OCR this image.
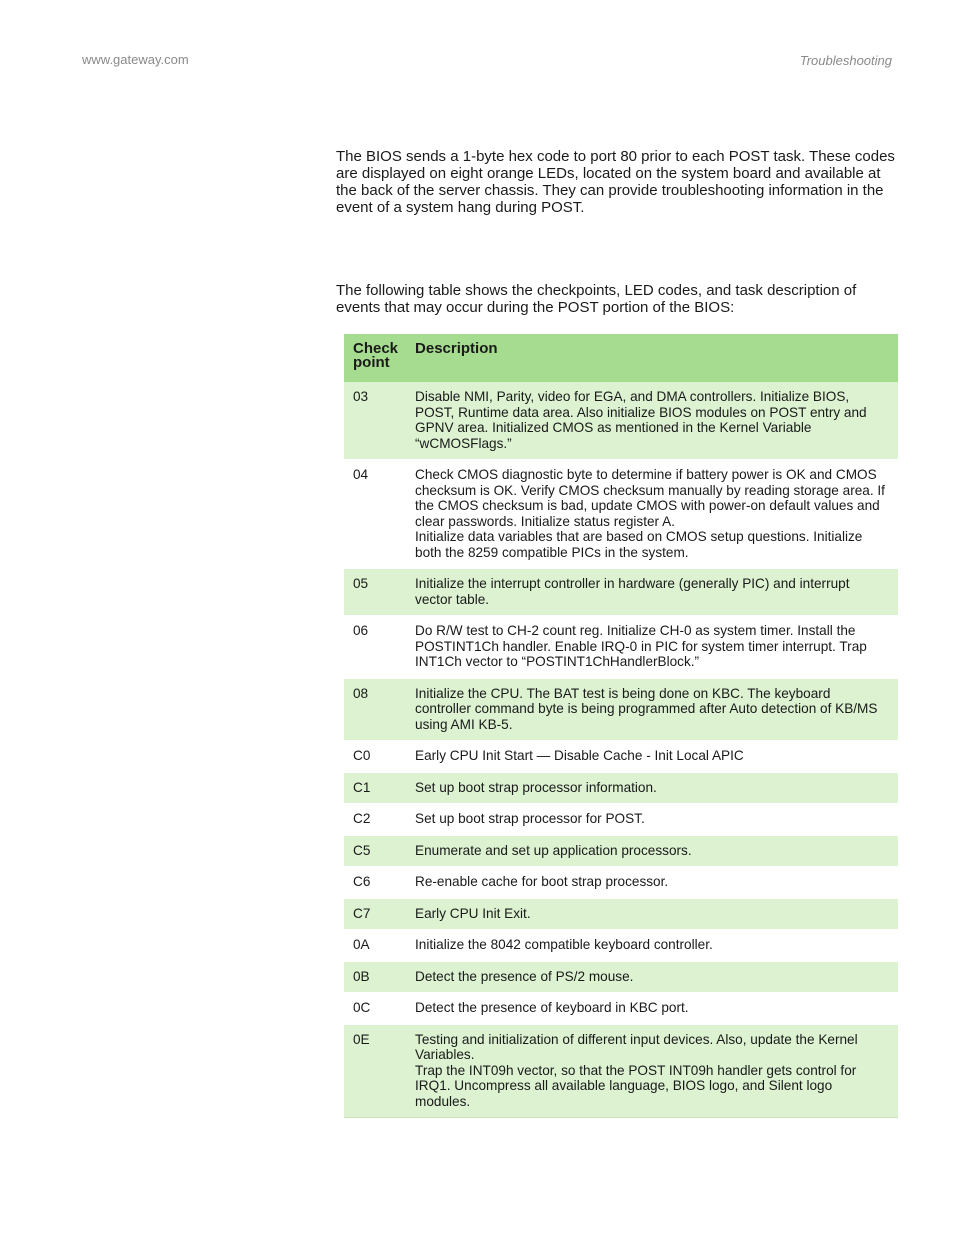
www.gateway.com	Troubleshooting

The BIOS sends a 1-byte hex code to port 80 prior to each POST task. These codes are displayed on eight orange LEDs, located on the system board and available at the back of the server chassis. They can provide troubleshooting information in the event of a system hang during POST.

The following table shows the checkpoints, LED codes, and task description of events that may occur during the POST portion of the BIOS:

Check
point	Description
03	Disable NMI, Parity, video for EGA, and DMA controllers. Initialize BIOS, POST, Runtime data area. Also initialize BIOS modules on POST entry and GPNV area. Initialized CMOS as mentioned in the Kernel Variable “wCMOSFlags.”

04	Check CMOS diagnostic byte to determine if battery power is OK and CMOS checksum is OK. Verify CMOS checksum manually by reading storage area. If the CMOS checksum is bad, update CMOS with power-on default values and clear passwords. Initialize status register A.
Initialize data variables that are based on CMOS setup questions. Initialize both the 8259 compatible PICs in the system.

05	Initialize the interrupt controller in hardware (generally PIC) and interrupt vector table.

06	Do R/W test to CH-2 count reg. Initialize CH-0 as system timer. Install the POSTINT1Ch handler. Enable IRQ-0 in PIC for system timer interrupt. Trap INT1Ch vector to “POSTINT1ChHandlerBlock.”

08	Initialize the CPU. The BAT test is being done on KBC. The keyboard controller command byte is being programmed after Auto detection of KB/MS using AMI KB-5.

C0	Early CPU Init Start — Disable Cache - Init Local APIC

C1	Set up boot strap processor information.

C2	Set up boot strap processor for POST.

C5	Enumerate and set up application processors.

C6	Re-enable cache for boot strap processor.

C7	Early CPU Init Exit.

0A	Initialize the 8042 compatible keyboard controller.

0B	Detect the presence of PS/2 mouse.

0C	Detect the presence of keyboard in KBC port.

0E	Testing and initialization of different input devices. Also, update the Kernel Variables.
Trap the INT09h vector, so that the POST INT09h handler gets control for IRQ1. Uncompress all available language, BIOS logo, and Silent logo modules.
